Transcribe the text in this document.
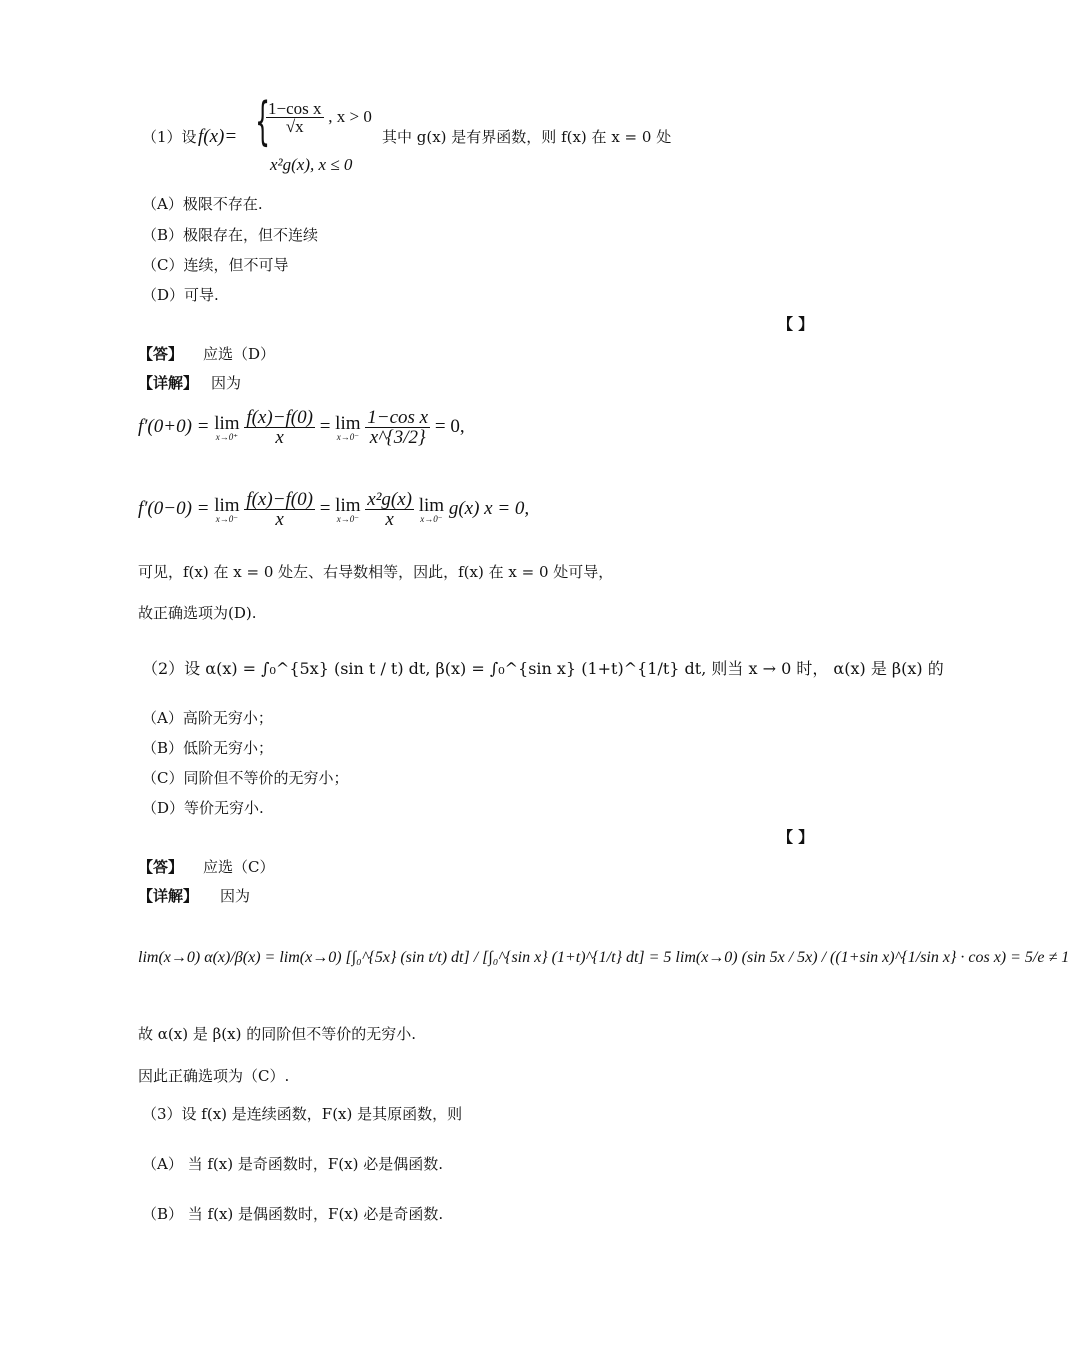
（1）设 f(x)= {
$\frac{\text{1−cos x}}{√x}$ , x > 0
x²g(x), x ≤ 0
其中 g(x) 是有界函数，则 f(x) 在 x = 0 处
（A）极限不存在.
（B）极限存在，但不连续
（C）连续，但不可导
（D）可导.
【 】
【答】 应选（D）
【详解】 因为
f′(0+0) = lim
x→0⁺
$\frac{f(x)-f(0)}{x} = \lim$
x→0⁻
$\frac{\text{1−cos x}}{x\^{}\{3/2\}} = 0$,
f′(0−0) = lim
x→0⁻
$\frac{f(x)-f(0)}{x} = \lim$
x→0⁻
$\frac{\text{x²g(x)}}{x}$ lim
x→0⁻ g(x) x = 0,
可见，f(x) 在 x = 0 处左、右导数相等，因此，f(x) 在 x = 0 处可导，
故正确选项为(D).
（2）设 α(x) = ∫₀^{5x} (sin t / t) dt, β(x) = ∫₀^{sin x} (1+t)^{1/t} dt, 则当 x → 0 时， α(x) 是 β(x) 的
（A）高阶无穷小；
（B）低阶无穷小；
（C）同阶但不等价的无穷小；
（D）等价无穷小.
【 】
【答】 应选（C）
【详解】 因为
lim(x→0) α(x)/β(x) = lim(x→0) [∫₀^{5x} (sin t/t) dt] / [∫₀^{sin x} (1+t)^{1/t} dt] = 5 lim(x→0) (sin 5x / 5x) / ((1+sin x)^{1/sin x} · cos x) = 5/e ≠ 1
故 α(x) 是 β(x) 的同阶但不等价的无穷小.
因此正确选项为（C）.
（3）设 f(x) 是连续函数，F(x) 是其原函数，则
（A） 当 f(x) 是奇函数时，F(x) 必是偶函数.
（B） 当 f(x) 是偶函数时，F(x) 必是奇函数.
